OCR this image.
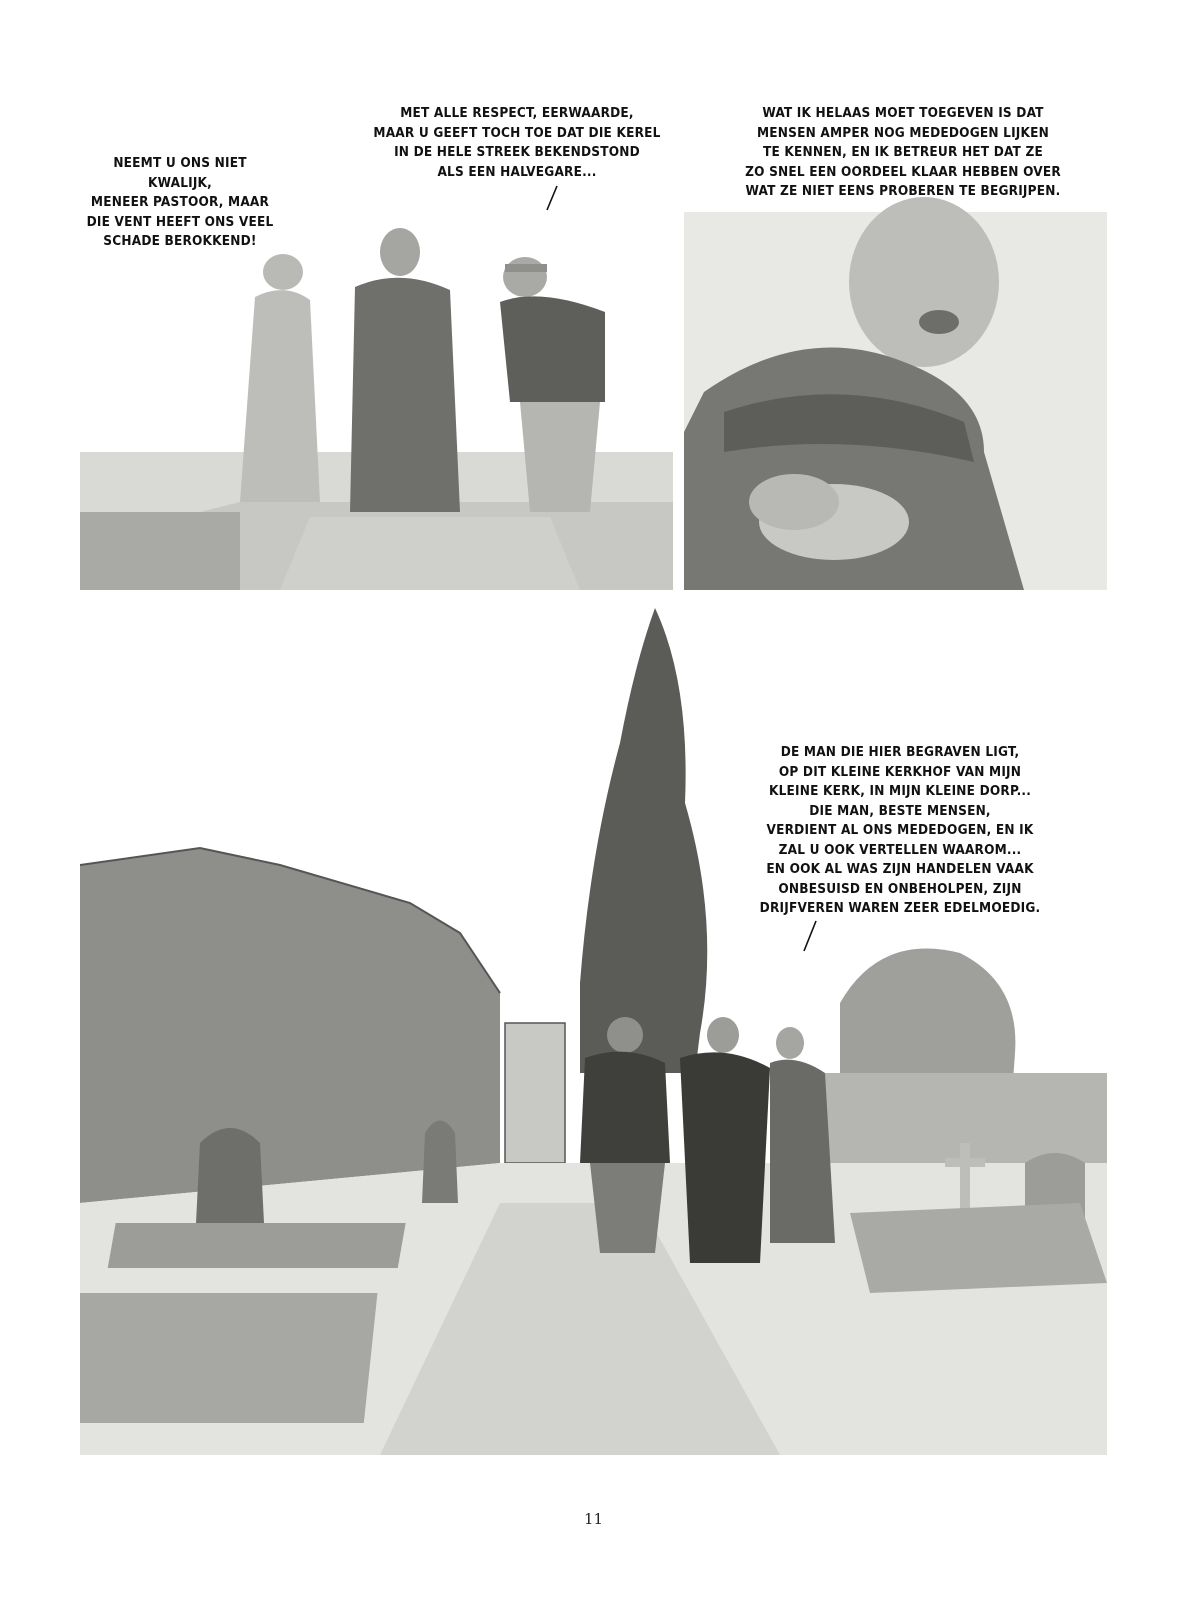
NEEMT U ONS NIET KWALIJK,
MENEER PASTOOR, MAAR
DIE VENT HEEFT ONS VEEL
SCHADE BEROKKEND!
MET ALLE RESPECT, EERWAARDE,
MAAR U GEEFT TOCH TOE DAT DIE KEREL
IN DE HELE STREEK BEKENDSTOND
ALS EEN HALVEGARE...
WAT IK HELAAS MOET TOEGEVEN IS DAT
MENSEN AMPER NOG MEDEDOGEN LIJKEN
TE KENNEN, EN IK BETREUR HET DAT ZE
ZO SNEL EEN OORDEEL KLAAR HEBBEN OVER
WAT ZE NIET EENS PROBEREN TE BEGRIJPEN.
DE MAN DIE HIER BEGRAVEN LIGT,
OP DIT KLEINE KERKHOF VAN MIJN
KLEINE KERK, IN MIJN KLEINE DORP...
DIE MAN, BESTE MENSEN,
VERDIENT AL ONS MEDEDOGEN, EN IK
ZAL U OOK VERTELLEN WAAROM...
EN OOK AL WAS ZIJN HANDELEN VAAK
ONBESUISD EN ONBEHOLPEN, ZIJN
DRIJFVEREN WAREN ZEER EDELMOEDIG.
11
